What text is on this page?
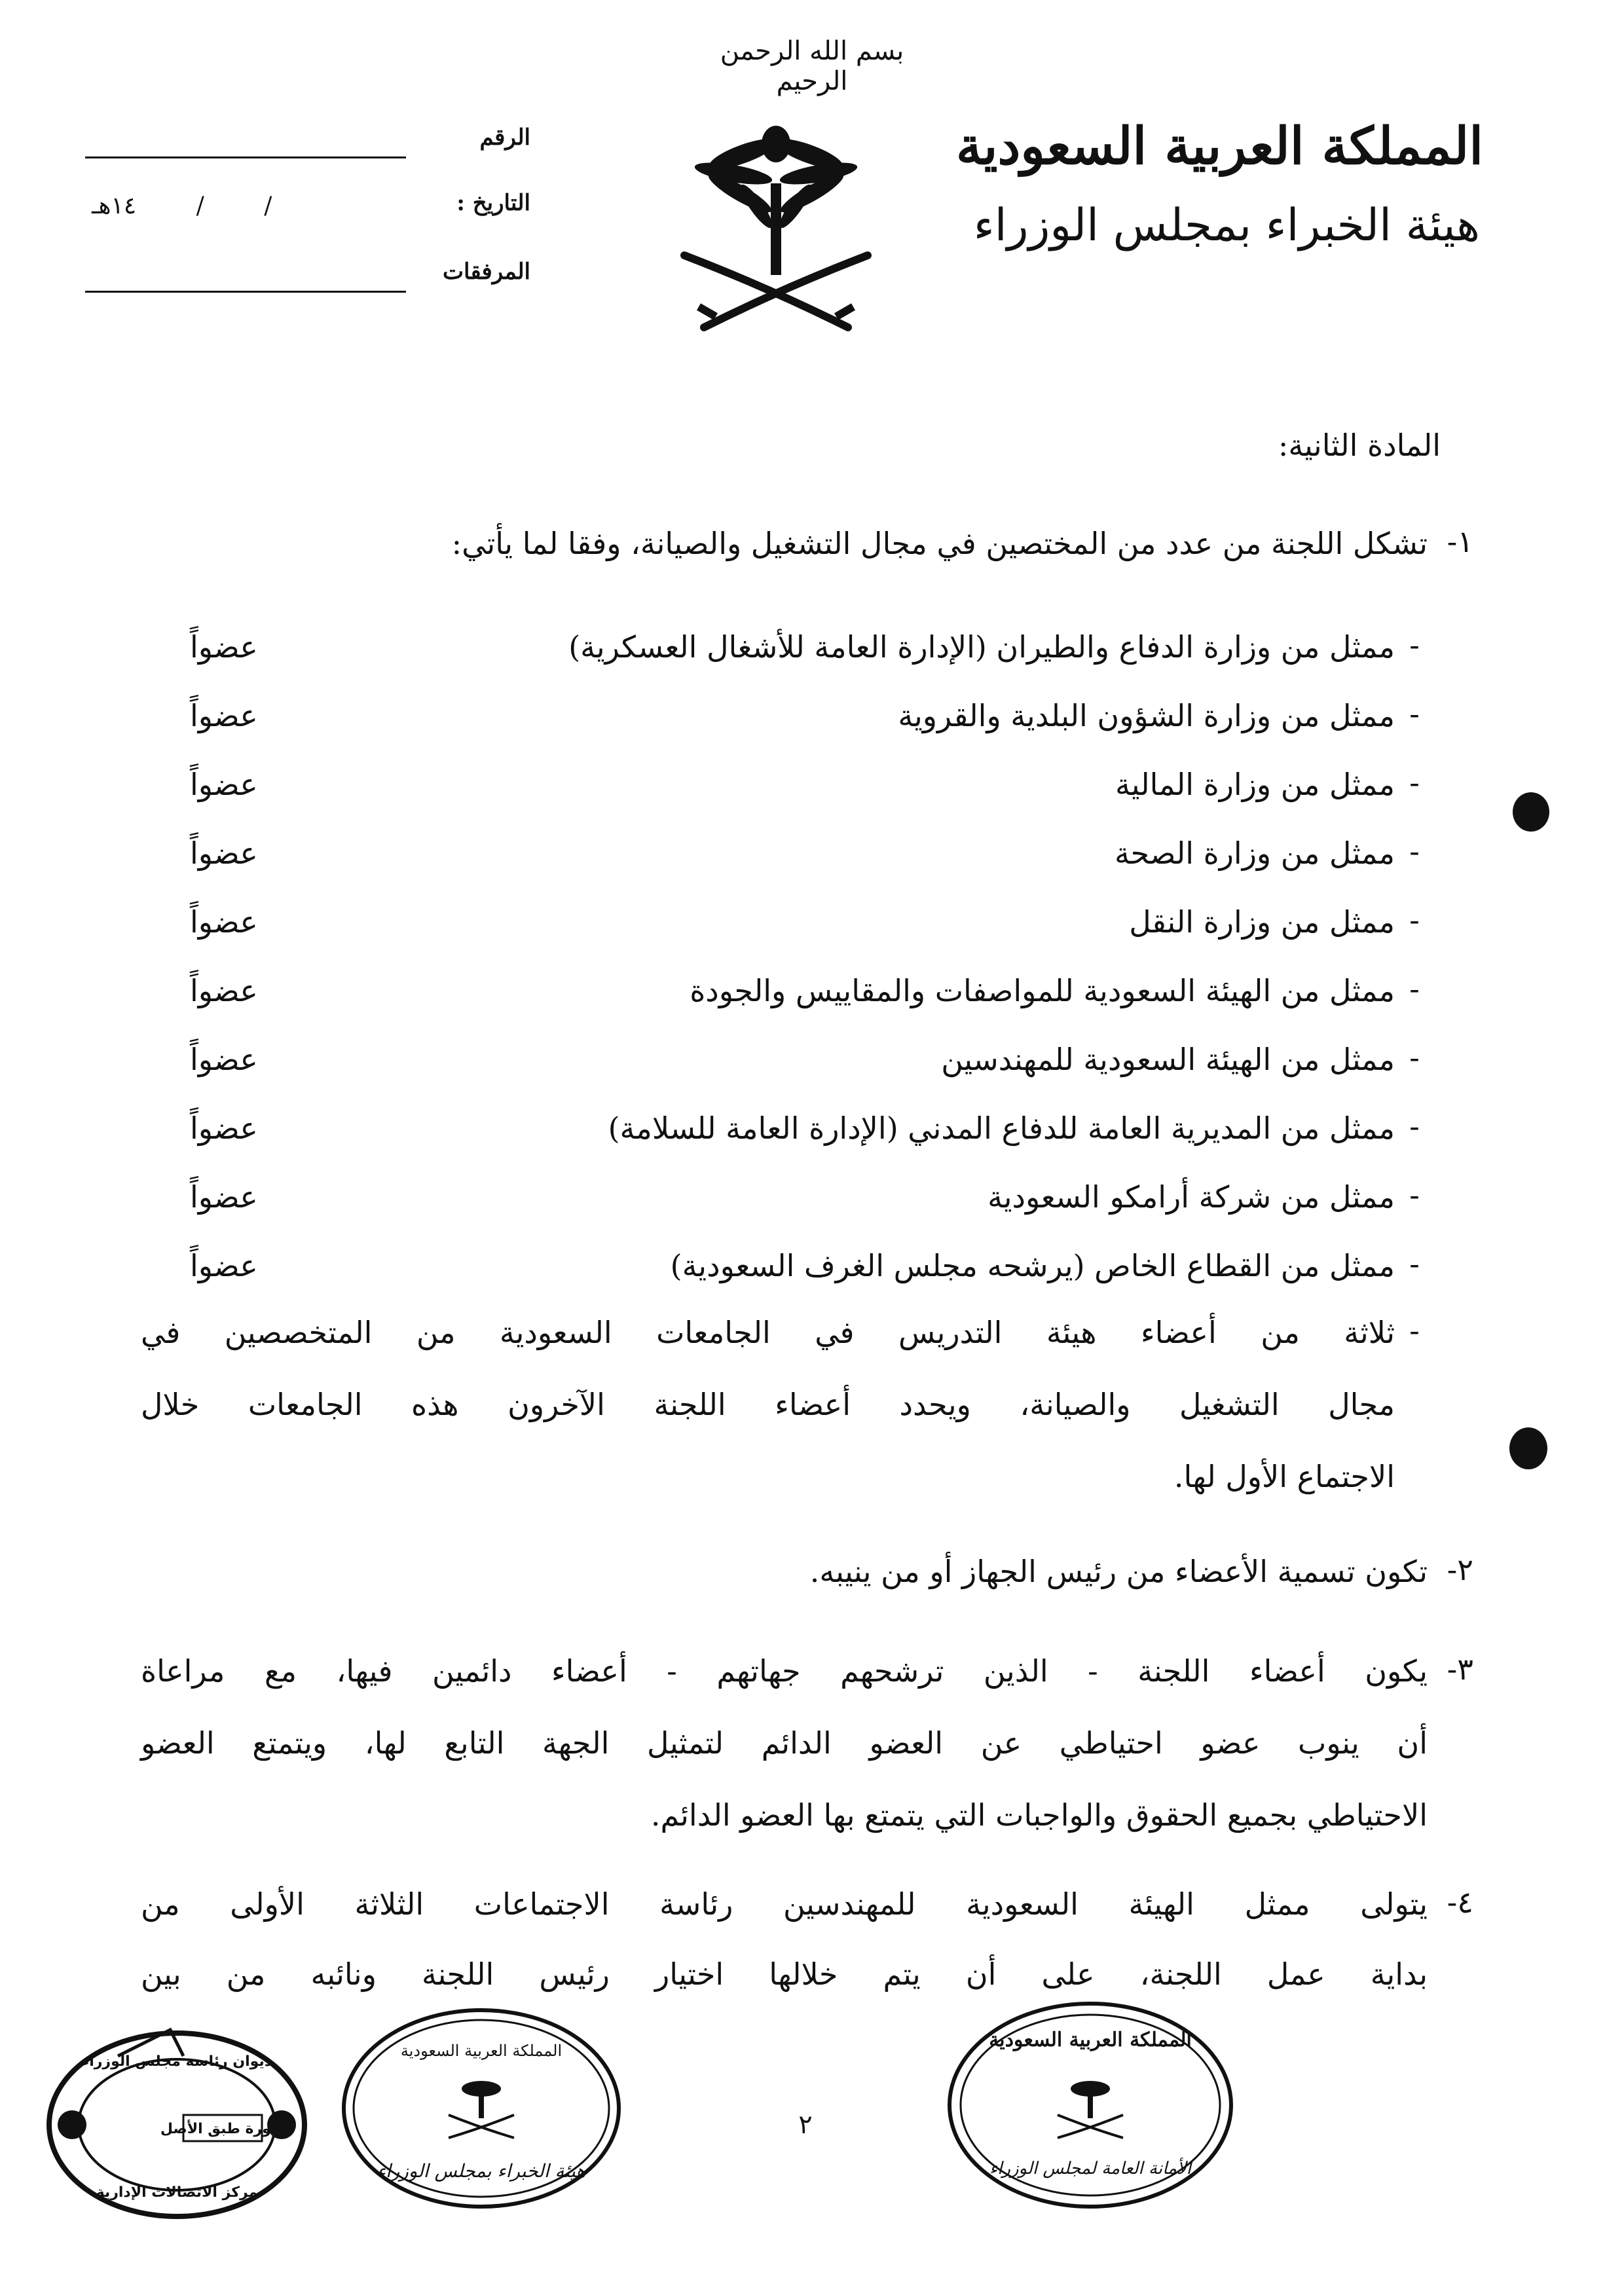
بسم الله الرحمن الرحيم
المملكة العربية السعودية
هيئة الخبراء بمجلس الوزراء
الرقم
التاريخ :
/ / ١٤هـ
المرفقات
المادة الثانية:
١-
تشكل اللجنة من عدد من المختصين في مجال التشغيل والصيانة، وفقا لما يأتي:
-
ممثل من وزارة الدفاع والطيران (الإدارة العامة للأشغال العسكرية)
عضواً
-
ممثل من وزارة الشؤون البلدية والقروية
عضواً
-
ممثل من وزارة المالية
عضواً
-
ممثل من وزارة الصحة
عضواً
-
ممثل من وزارة النقل
عضواً
-
ممثل من الهيئة السعودية للمواصفات والمقاييس والجودة
عضواً
-
ممثل من الهيئة السعودية للمهندسين
عضواً
-
ممثل من المديرية العامة للدفاع المدني (الإدارة العامة للسلامة)
عضواً
-
ممثل من شركة أرامكو السعودية
عضواً
-
ممثل من القطاع الخاص (يرشحه مجلس الغرف السعودية)
عضواً
-
ثلاثة من أعضاء هيئة التدريس في الجامعات السعودية من المتخصصين في
مجال التشغيل والصيانة، ويحدد أعضاء اللجنة الآخرون هذه الجامعات خلال
الاجتماع الأول لها.
٢-
تكون تسمية الأعضاء من رئيس الجهاز أو من ينيبه.
٣-
يكون أعضاء اللجنة - الذين ترشحهم جهاتهم - أعضاء دائمين فيها، مع مراعاة
أن ينوب عضو احتياطي عن العضو الدائم لتمثيل الجهة التابع لها، ويتمتع العضو
الاحتياطي بجميع الحقوق والواجبات التي يتمتع بها العضو الدائم.
٤-
يتولى ممثل الهيئة السعودية للمهندسين رئاسة الاجتماعات الثلاثة الأولى من
بداية عمل اللجنة، على أن يتم خلالها اختيار رئيس اللجنة ونائبه من بين
٢
صورة طبق الأصل
ديوان رئاسة مجلس الوزراء
مركز الاتصالات الإدارية
المملكة العربية السعودية
هيئة الخبراء بمجلس الوزراء
المملكة العربية السعودية
الأمانة العامة لمجلس الوزراء
